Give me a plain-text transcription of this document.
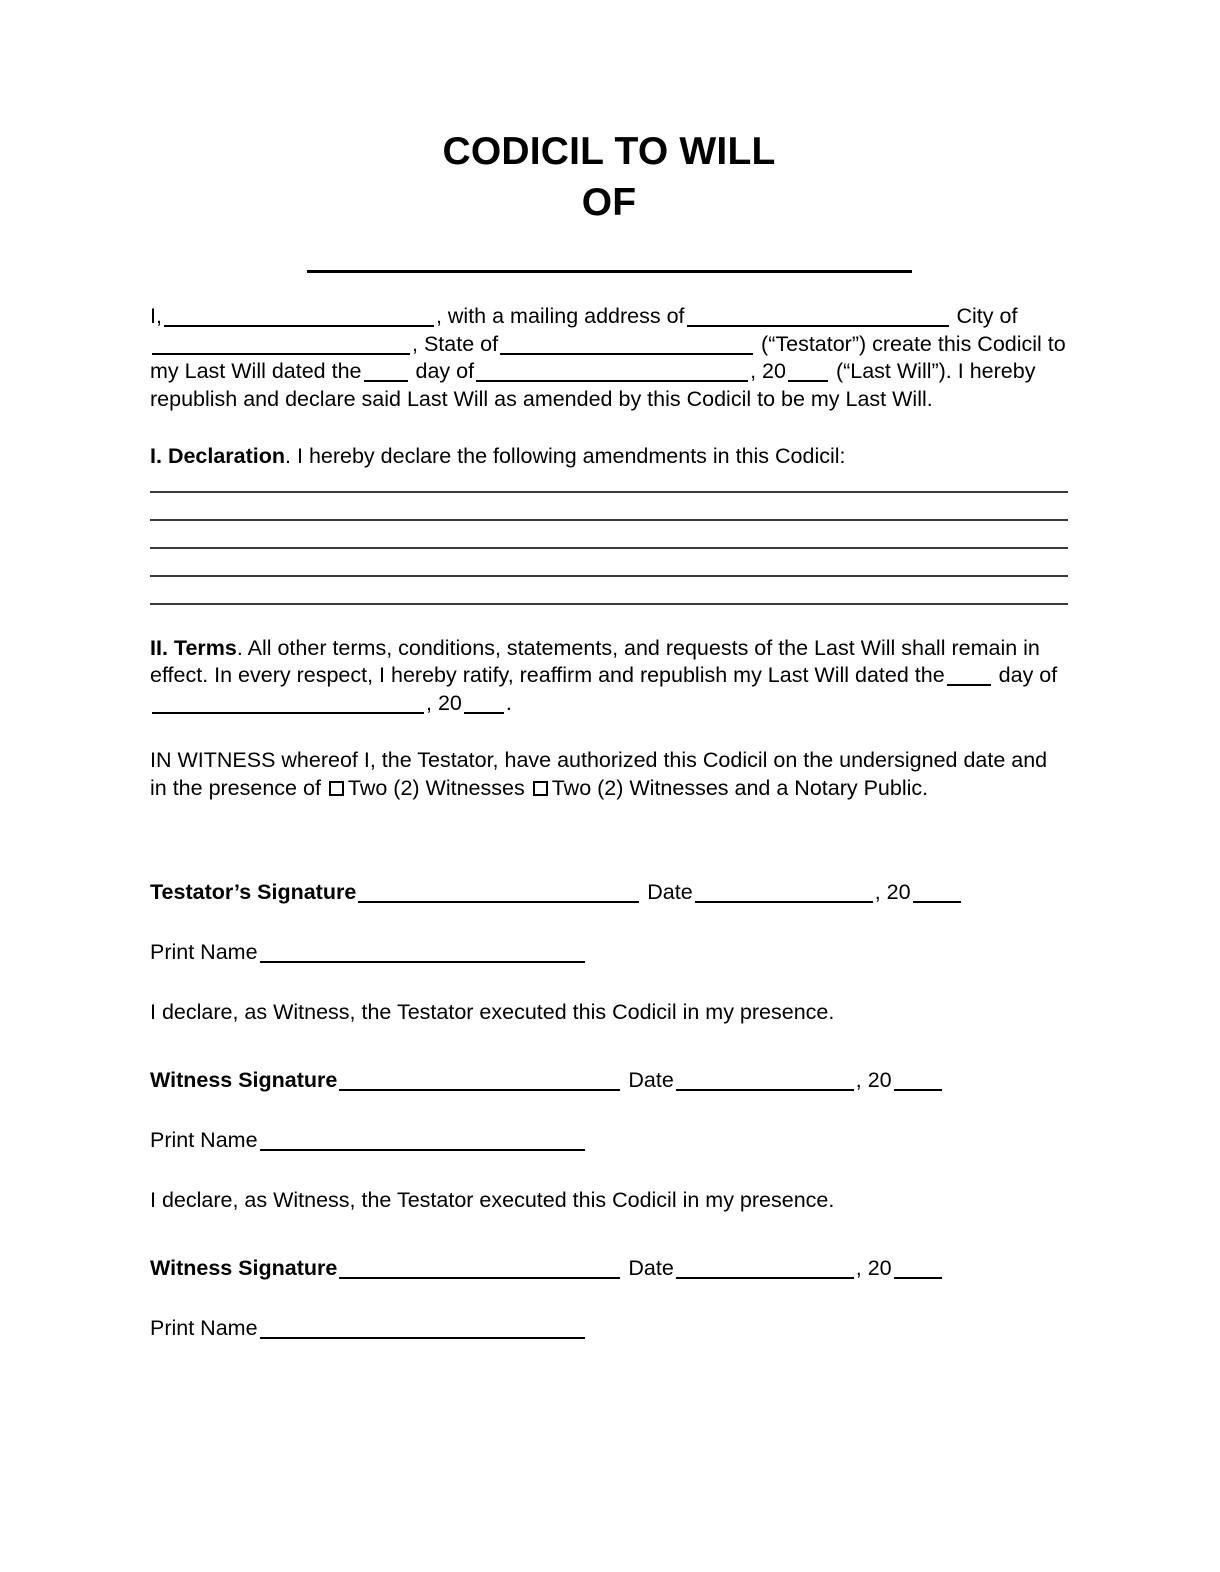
CODICIL TO WILL
OF

I,	, with a mailing address of	City of, State of	(“Testator”) create this Codicil to my Last Will dated the	day of	, 20 (“Last Will”). I hereby republish and declare said Last Will as amended by this Codicil to be my Last Will.

I. Declaration. I hereby declare the following amendments in this Codicil:

II. Terms. All other terms, conditions, statements, and requests of the Last Will shall remain in effect. In every respect, I hereby ratify, reaffirm and republish my Last Will dated the	day of, 20 .

IN WITNESS whereof I, the Testator, have authorized this Codicil on the undersigned date and in the presence of Two (2) Witnesses Two (2) Witnesses and a Notary Public.

Testator’s Signature	Date	, 20
Print Name
I declare, as Witness, the Testator executed this Codicil in my presence.
Witness Signature	Date	, 20
Print Name
I declare, as Witness, the Testator executed this Codicil in my presence.
Witness Signature	Date	, 20
Print Name
